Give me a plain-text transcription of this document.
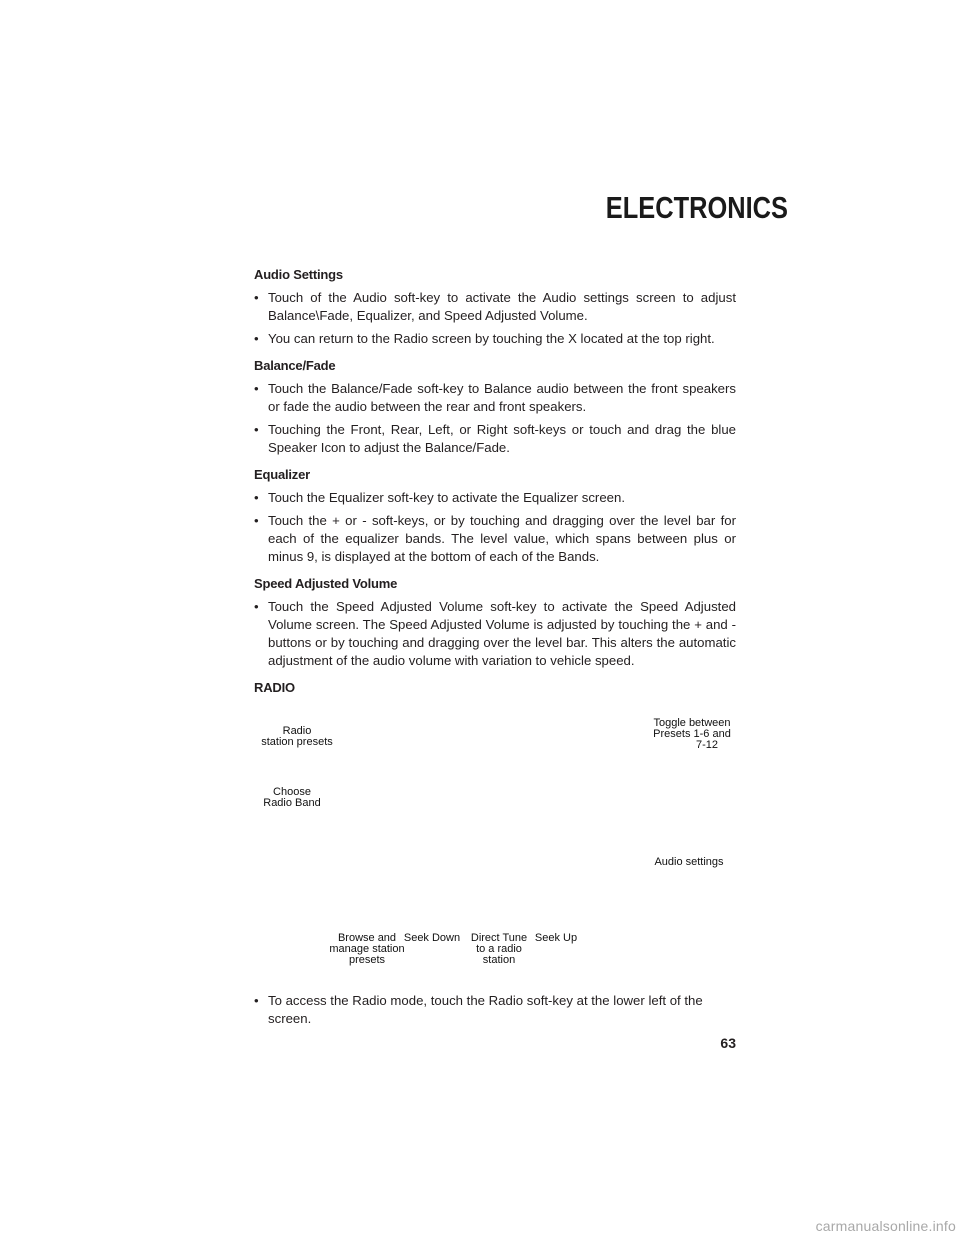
ELECTRONICS
Audio Settings
• Touch of the Audio soft-key to activate the Audio settings screen to adjust Balance\Fade, Equalizer, and Speed Adjusted Volume.
• You can return to the Radio screen by touching the X located at the top right.
Balance/Fade
• Touch the Balance/Fade soft-key to Balance audio between the front speakers or fade the audio between the rear and front speakers.
• Touching the Front, Rear, Left, or Right soft-keys or touch and drag the blue Speaker Icon to adjust the Balance/Fade.
Equalizer
• Touch the Equalizer soft-key to activate the Equalizer screen.
• Touch the + or - soft-keys, or by touching and dragging over the level bar for each of the equalizer bands. The level value, which spans between plus or minus 9, is displayed at the bottom of each of the Bands.
Speed Adjusted Volume
• Touch the Speed Adjusted Volume soft-key to activate the Speed Adjusted Volume screen. The Speed Adjusted Volume is adjusted by touching the + and - buttons or by touching and dragging over the level bar. This alters the automatic adjustment of the audio volume with variation to vehicle speed.
RADIO
Radio
station presets
Choose
Radio Band
Toggle between
Presets 1-6 and
7-12
Audio settings
Browse and
manage station
presets
Seek Down Direct Tune
to a radio
station
Seek Up
• To access the Radio mode, touch the Radio soft-key at the lower left of the screen.
63
carmanualsonline.info
